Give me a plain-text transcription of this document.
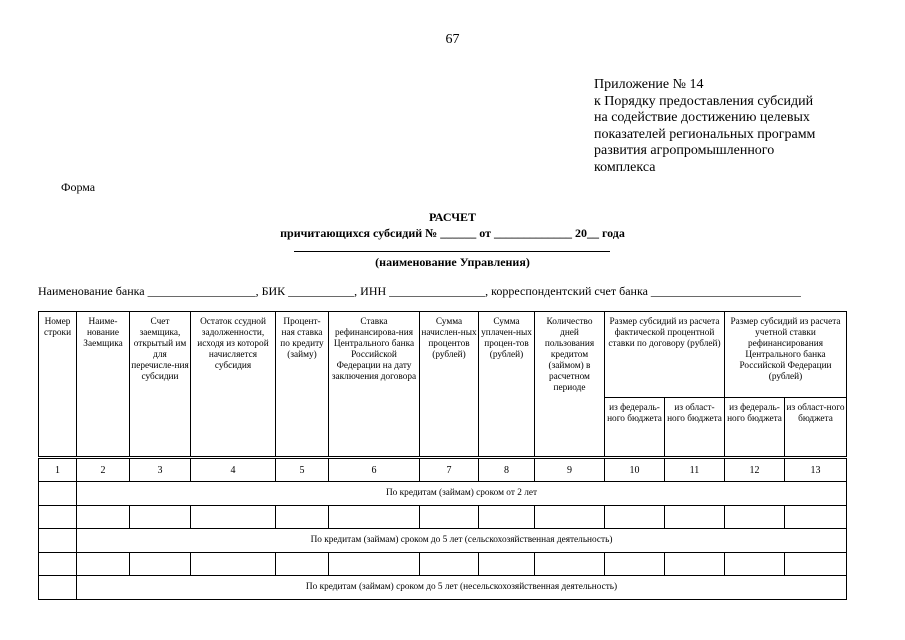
67
Приложение № 14
к Порядку предоставления субсидий
на содействие достижению целевых
показателей региональных программ
развития агропромышленного
комплекса
Форма
РАСЧЕТ
причитающихся субсидий № ______ от _____________ 20__ года
(наименование Управления)
Наименование банка __________________, БИК ___________, ИНН ________________, корреспондентский счет банка _________________________
Номер строки	Наиме-нование Заемщика	Счет заемщика, открытый им для перечисле-ния субсидии	Остаток ссудной задолженности, исходя из которой начисляется субсидия	Процент-ная ставка по кредиту (займу)	Ставка рефинансирова-ния Центрального банка Российской Федерации на дату заключения договора	Сумма начислен-ных процентов (рублей)	Сумма уплачен-ных процен-тов (рублей)	Количество дней пользования кредитом (займом) в расчетном периоде	Размер субсидий из расчета фактической процентной ставки по договору (рублей)		Размер субсидий из расчета учетной ставки рефинансирования Центрального банка Российской Федерации (рублей)	
									из федераль-ного бюджета	из област-ного бюджета	из федераль-ного бюджета	из област-ного бюджета
1	2	3	4	5	6	7	8	9	10	11	12	13
	По кредитам (займам) сроком от 2 лет											

	По кредитам (займам) сроком до 5 лет (сельскохозяйственная деятельность)											

	По кредитам (займам) сроком до 5 лет (несельскохозяйственная деятельность)											
